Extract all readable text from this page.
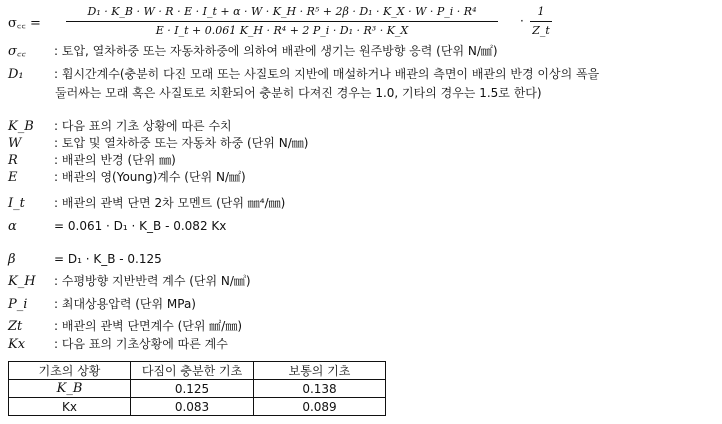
σ꜀꜀ =
D₁ · K_B · W · R · E · I_t + α · W · K_H · R⁵ + 2β · D₁ · K_X · W · P_i · R⁴
E · I_t + 0.061 K_H · R⁴ + 2 P_i · D₁ · R³ · K_X
·
1
Z_t
σ꜀꜀ : 토압, 열차하중 또는 자동차하중에 의하여 배관에 생기는 원주방향 응력 (단위 N/㎟)
D₁	: 휨시간계수(충분히 다진 모래 또는 사질토의 지반에 매설하거나 배관의 측면이 배관의 반경 이상의 폭을
둘러싸는 모래 혹은 사질토로 치환되어 충분히 다져진 경우는 1.0, 기타의 경우는 1.5로 한다)
K_B : 다음 표의 기초 상황에 따른 수치
W	: 토압 및 열차하중 또는 자동차 하중 (단위 N/㎜)
R	: 배관의 반경 (단위 ㎜)
E	: 배관의 영(Young)계수 (단위 N/㎟)
I_t : 배관의 관벽 단면 2차 모멘트 (단위 ㎜⁴/㎜)
α	= 0.061 · D₁ · K_B - 0.082 Kx
β	= D₁ · K_B - 0.125
K_H : 수평방향 지반반력 계수 (단위 N/㎣)
P_i : 최대상용압력 (단위 MPa)
Zt	: 배관의 관벽 단면계수 (단위 ㎟/㎜)
Kx : 다음 표의 기초상황에 따른 계수
기초의 상황	다짐이 충분한 기초	보통의 기초
K_B	0.125	0.138
Kx	0.083	0.089
